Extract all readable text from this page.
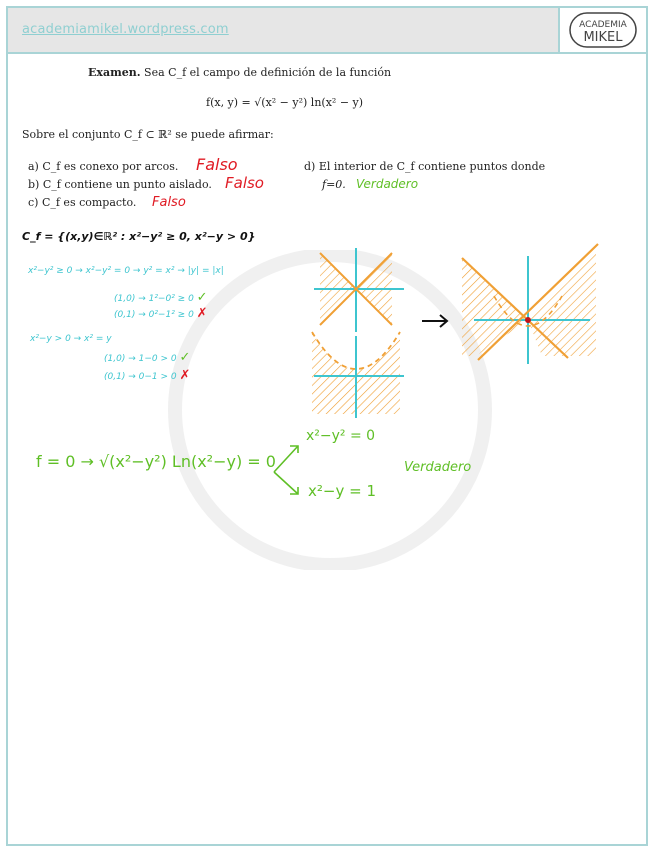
academiamikel.wordpress.com	ACADEMIA
MIKEL
Examen. Sea C_f el campo de definición de la función
f(x, y) = √(x² − y²) ln(x² − y)
Sobre el conjunto C_f ⊂ ℝ² se puede afirmar:
a) C_f es conexo por arcos. Falso
b) C_f contiene un punto aislado. Falso
c) C_f es compacto. Falso
d) El interior de C_f contiene puntos donde
f=0. Verdadero
C_f = {(x,y)∈ℝ² : x²−y² ≥ 0, x²−y > 0}
x²−y² ≥ 0 → x²−y² = 0 → y² = x² → |y| = |x|
(1,0) → 1²−0² ≥ 0 ✓
(0,1) → 0²−1² ≥ 0 ✗
x²−y > 0 → x² = y
(1,0) → 1−0 > 0 ✓
(0,1) → 0−1 > 0 ✗
f = 0 → √(x²−y²) Ln(x²−y) = 0
x²−y² = 0
x²−y = 1
Verdadero
